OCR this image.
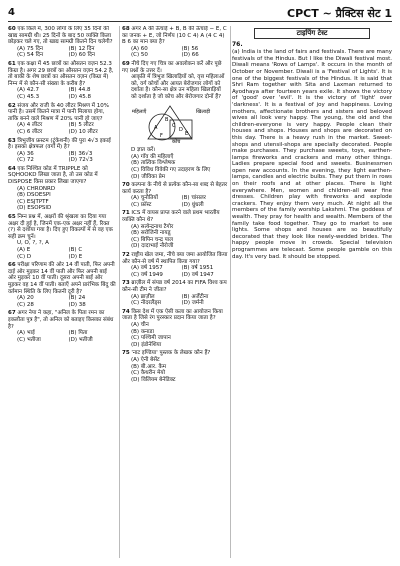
4	CPCT ~ प्रैक्टिस सेट 1
60 एक किले में, 300 लोगों के लिए 35 दिनों की खाद्य सामग्री थी। 25 दिनों के बाद 50 व्यक्ति किला छोड़कर चले गए, तो खाद्य सामग्री कितने दिन चलेगी?
(A) 75 दिन	(B) 12 दिन
(C) 54 दिन	(D) 60 दिन
61 एक कक्षा में 45 छात्रों का औसतन वज़न 52.3 किग्रा है। अगर 29 छात्रों का औसतन वज़न 54.2 है, तो बाकी के शेष छात्रों का औसतन वज़न (किग्रा में) निम्न में से कौन-सी संख्या के करीब है?
(A) 42.7	(B) 44.8
(C) 45.3	(D) 45.8
62 संजय और राजी के 40 लीटर मिश्रण में 10% पानी है। उसमें कितने मात्रा में पानी मिलाया होगा, ताकि बनने वाले मिश्रण में 20% पानी हो जाए?
(A) 4 लीटर	(B) 5 लीटर
(C) 6 लीटर	(D) 10 लीटर
63 त्रिभुजीय फ्रस्टम (ट्रंकेशनी) की पुरा 4√3 इकाई है। इसका क्षेत्रफल (वर्गों में) है?
(A) 36	(B) 36√3
(C) 72	(D) 72√3
64 एक निश्चित कोड में TRIPPLE को SQHOOKD लिखा जाता है, तो उस कोड में DISPOSE किस प्रकार लिखा जाएगा?
(A) CHRONRD
(B) DSOESPI
(C) ESJTPTF
(D) ESOPSID
65 निम्न प्रश्न में, अक्षरों की श्रृंखला का दिया गया अक्षर दी हुई है, जिनमें एक-एक अक्षर नहीं हैं, रिक्त (?) से दर्शाया गया है। दिए हुए विकल्पों में से वह एक सही क्रम चुनें।
U, O, ?, ?, A
(A) E	(B) C
(C) D	(D) E
66 परीक्षा परिणाम की ओर 14 वीं पाती, फिर अपनी दाई ओर मुड़कर 14 वीं पाती और फिर अपनी बाई ओर मुड़कर 10 वीं पाती। दूसरा अपनी बाईं ओर मुड़कर वह 14 वीं पाती। बताएँ अपने प्रारंभिक बिंदु की वर्तमान स्थिति के लिए कितनी दूरी है?
(A) 20	(B) 24
(C) 28	(D) 38
67 अगर नेपा ने कहा, "अनिल के पिता रमन का इकलौता पुत्र है", तो अनिल को बताइए किसका संबंध है?
(A) भाई	(B) पिता
(C) भतीजा	(D) भतीजी
68 अगर A की ऊँचाई + B, B की ऊँचाई − E, C का जनक + E, जो निर्णय (10 C 4) A (4 C 4) B 6 का मान क्या है?
(A) 60	(B) 56
(C) 50	(D) 66
69 नीचे दिए गए चित्र का अवलोकन करें और पूछे गए प्रश्नों के उत्तर दें।
आकृति में त्रिभुज खिलाड़ियों को, वृत्त महिलाओं को, वर्ग कोचों और आयत बेरोजगार लोगों को दर्शाता है। कौन-सा क्षेत्र उन महिला खिलाड़ियों को दर्शाता है जो कोच और बेरोजगार दोनों हैं?
महिलाएँ	खिलाड़ी
कोच
A
B
C
D
E
F
D ज्ञात करें।
(A) गाँव की महिलाएँ
(B) तात्विक विश्लेषक
(C) विविध विवेकी गए उदाहरण के लिए
(D) जीविका प्रेम
70 कल्पना के नीचे से प्रत्येक कौन-सा शब्द से बेहतर कार्य करता है?
(A) चुनौतियों	(B) चांसलर
(C) फ्रॉस्ट	(D) धुंधली
71 ICS में वायस प्राप्त करने वाले प्रथम भारतीय व्यक्ति कौन थे?
(A) सत्येन्द्रनाथ टैगोर
(B) सरोजिनी नायडू
(C) बिपिन चन्द्र पाल
(D) दादाभाई नौरोजी
72 राष्ट्रीय खेल जमा, नीचे क्या जमा आयोजित किया और कौन-से वर्ष में स्थापित किया गया?
(A) वर्ष 1957	(B) वर्ष 1951
(C) वर्ष 1949	(D) वर्ष 1947
73 ब्राज़ील में संपन्न वर्ष 2014 का FIFA विश्व कप कौन-सी टीम ने जीता?
(A) ब्राज़ील	(B) अर्जेंटीना
(C) नीदरलैंड्स	(D) जर्मनी
74 किस देश में एक ऐसी कला का आयोजन किया जाता है जिसे रंग पुरस्कार प्रदान किया जाता है?
(A) चीन
(B) कनाडा
(C) पश्चिमी जापान
(D) इंडोनेशिया
75 'नाट इण्डिया' पुस्तक के लेखक कौन हैं?
(A) ऐनी बेसेंट
(B) बी.आर. कैम
(C) कैथरीन मेयो
(D) विलियम बेनेडिक्ट
टाइपिंग टेस्ट
76.
(a) India is the land of fairs and festivals. There are many festivals of the Hindus. But I like the Diwali festival most. Diwali means 'Rows of Lamps'. It occurs in the month of October or November. Diwali is a 'Festival of Lights'. It is one of the biggest festivals of the Hindus. It is said that Shri Ram together with Sita and Laxman returned to Ayodhaya after fourteen years exile. It shows the victory of 'good' over 'evil'. It is the victory of 'light' over 'darkness'. It is a festival of joy and happiness. Loving mothers, affectionate brothers and sisters and beloved wives all look very happy. The young, the old and the children-everyone is very happy. People clean their houses and shops. Houses and shops are decorated on this day. There is a heavy rush in the market. Sweet-shops and utensil-shops are specially decorated. People make purchases. They purchase sweets, toys, earthen-lamps fireworks and crackers and many other things. Ladies prepare special food and sweets. Businessmen open new accounts. In the evening, they light earthen-lamps, candles and electric bulbs. They put them in rows on their roofs and at other places. There is light everywhere. Men, women and children-all wear fine dresses. Children play with fireworks and explode crackers. They enjoy them very much. At night all the members of the family worship Lakshmi. The goddess of wealth. They pray for health and wealth. Members of the family take food together. They go to market to see lights. Some shops and houses are so beautifully decorated that they look like newly-wedded brides. The happy people move in crowds. Special television programmes are telecast. Some people gamble on this day. It's very bad. It should be stopped.
